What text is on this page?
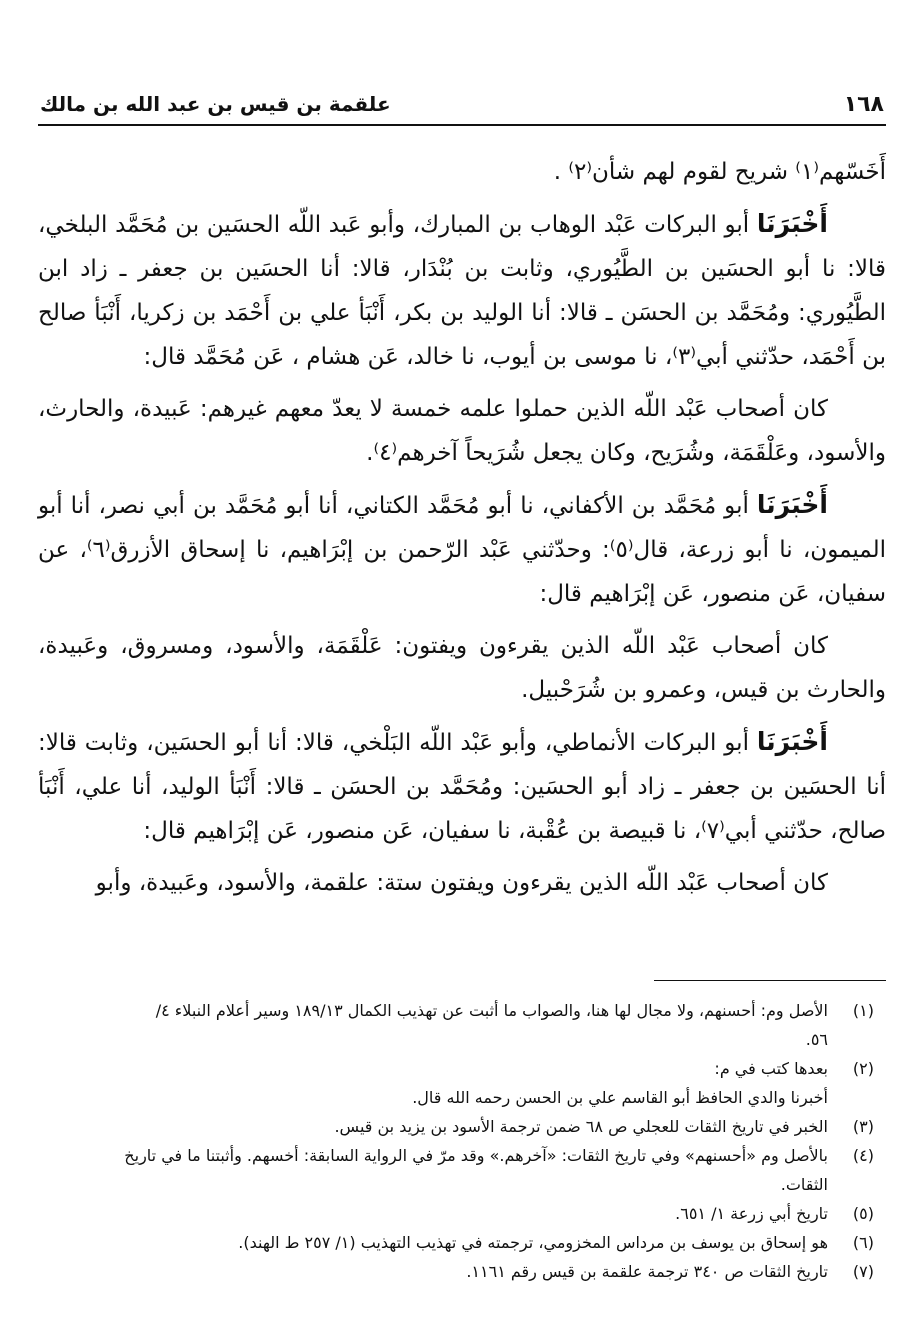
١٦٨
علقمة بن قيس بن عبد الله بن مالك

أَخَسّهم⁽١⁾ شريح لقوم لهم شأن⁽٢⁾ .

أَخْبَرَنَا أبو البركات عَبْد الوهاب بن المبارك، وأبو عَبد اللّه الحسَين بن مُحَمَّد البلخي، قالا: نا أبو الحسَين بن الطَّيُوري، وثابت بن بُنْدَار، قالا: أنا الحسَين بن جعفر ـ زاد ابن الطَّيُوري: ومُحَمَّد بن الحسَن ـ قالا: أنا الوليد بن بكر، أَنْبَأ علي بن أَحْمَد بن زكريا، أَنْبَأ صالح بن أَحْمَد، حدّثني أبي⁽٣⁾، نا موسى بن أيوب، نا خالد، عَن هشام ، عَن مُحَمَّد قال:

كان أصحاب عَبْد اللّه الذين حملوا علمه خمسة لا يعدّ معهم غيرهم: عَبيدة، والحارث، والأسود، وعَلْقَمَة، وشُرَيح، وكان يجعل شُرَيحاً آخرهم⁽٤⁾.

أَخْبَرَنَا أبو مُحَمَّد بن الأكفاني، نا أبو مُحَمَّد الكتاني، أنا أبو مُحَمَّد بن أبي نصر، أنا أبو الميمون، نا أبو زرعة، قال⁽٥⁾: وحدّثني عَبْد الرّحمن بن إبْرَاهيم، نا إسحاق الأزرق⁽٦⁾، عن سفيان، عَن منصور، عَن إبْرَاهيم قال:

كان أصحاب عَبْد اللّه الذين يقرءون ويفتون: عَلْقَمَة، والأسود، ومسروق، وعَبيدة، والحارث بن قيس، وعمرو بن شُرَحْبيل.

أَخْبَرَنَا أبو البركات الأنماطي، وأبو عَبْد اللّه البَلْخي، قالا: أنا أبو الحسَين، وثابت قالا: أنا الحسَين بن جعفر ـ زاد أبو الحسَين: ومُحَمَّد بن الحسَن ـ قالا: أَنْبَأ الوليد، أنا علي، أَنْبَأ صالح، حدّثني أبي⁽٧⁾، نا قبيصة بن عُقْبة، نا سفيان، عَن منصور، عَن إبْرَاهيم قال:

كان أصحاب عَبْد اللّه الذين يقرءون ويفتون ستة: علقمة، والأسود، وعَبيدة، وأبو

(١)
الأصل وم: أحسنهم، ولا مجال لها هنا، والصواب ما أثبت عن تهذيب الكمال ١٨٩/١٣ وسير أعلام النبلاء ٤/
٥٦.
(٢)
بعدها كتب في م:
أخبرنا والدي الحافظ أبو القاسم علي بن الحسن رحمه الله قال.
(٣)
الخبر في تاريخ الثقات للعجلي ص ٦٨ ضمن ترجمة الأسود بن يزيد بن قيس.
(٤)
بالأصل وم «أحسنهم» وفي تاريخ الثقات: «آخرهم.» وقد مرّ في الرواية السابقة: أخسهم. وأثبتنا ما في تاريخ
الثقات.
(٥)
تاريخ أبي زرعة ١/ ٦٥١.
(٦)
هو إسحاق بن يوسف بن مرداس المخزومي، ترجمته في تهذيب التهذيب (١/ ٢٥٧ ط الهند).
(٧)
تاريخ الثقات ص ٣٤٠ ترجمة علقمة بن قيس رقم ١١٦١.
